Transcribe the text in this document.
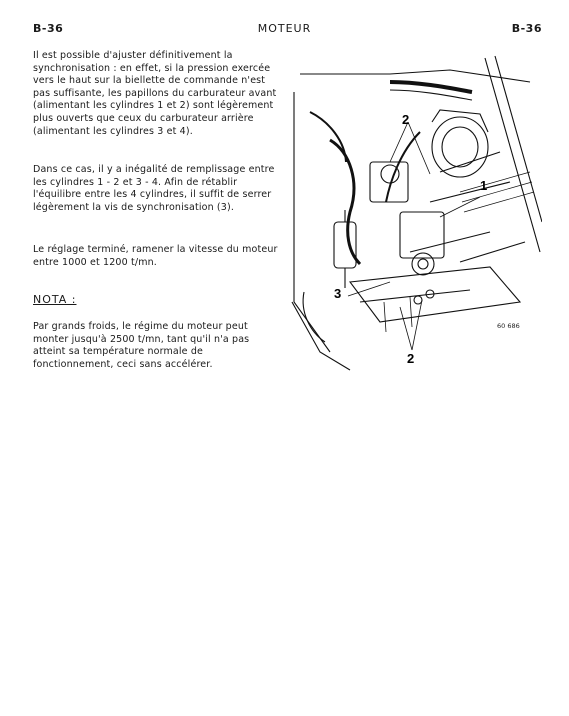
MOTEUR
B-36	B-36

Il est possible d'ajuster définitivement la synchronisation : en effet, si la pression exercée vers le haut sur la biellette de commande n'est pas suffisante, les papillons du carburateur avant (alimentant les cylindres 1 et 2) sont légèrement plus ouverts que ceux du carburateur arrière (alimentant les cylindres 3 et 4).

Dans ce cas, il y a inégalité de remplissage entre les cylindres 1 - 2 et 3 - 4. Afin de rétablir l'équilibre entre les 4 cylindres, il suffit de serrer légèrement la vis de synchronisation (3).

Le réglage terminé, ramener la vitesse du moteur entre 1000 et 1200 t/mn.

NOTA :

Par grands froids, le régime du moteur peut monter jusqu'à 2500 t/mn, tant qu'il n'a pas atteint sa température normale de fonctionnement, ceci sans accélérer.

2
1
3
2
60 686
